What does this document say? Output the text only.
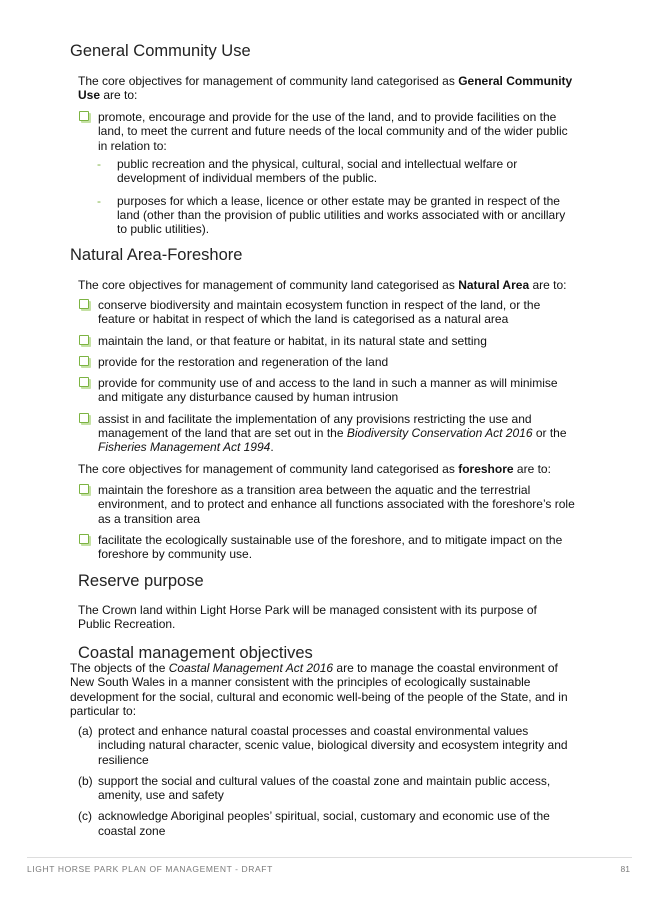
General Community Use

The core objectives for management of community land categorised as General Community Use are to:

promote, encourage and provide for the use of the land, and to provide facilities on the land, to meet the current and future needs of the local community and of the wider public in relation to:
- public recreation and the physical, cultural, social and intellectual welfare or development of individual members of the public.
- purposes for which a lease, licence or other estate may be granted in respect of the land (other than the provision of public utilities and works associated with or ancillary to public utilities).
Natural Area-Foreshore

The core objectives for management of community land categorised as Natural Area are to:

conserve biodiversity and maintain ecosystem function in respect of the land, or the feature or habitat in respect of which the land is categorised as a natural area
maintain the land, or that feature or habitat, in its natural state and setting
provide for the restoration and regeneration of the land
provide for community use of and access to the land in such a manner as will minimise and mitigate any disturbance caused by human intrusion
assist in and facilitate the implementation of any provisions restricting the use and management of the land that are set out in the Biodiversity Conservation Act 2016 or the Fisheries Management Act 1994.

The core objectives for management of community land categorised as foreshore are to:

maintain the foreshore as a transition area between the aquatic and the terrestrial environment, and to protect and enhance all functions associated with the foreshore’s role as a transition area
facilitate the ecologically sustainable use of the foreshore, and to mitigate impact on the foreshore by community use.
Reserve purpose

The Crown land within Light Horse Park will be managed consistent with its purpose of Public Recreation.

Coastal management objectives

The objects of the Coastal Management Act 2016 are to manage the coastal environment of New South Wales in a manner consistent with the principles of ecologically sustainable development for the social, cultural and economic well-being of the people of the State, and in particular to:

(a) protect and enhance natural coastal processes and coastal environmental values including natural character, scenic value, biological diversity and ecosystem integrity and resilience
(b) support the social and cultural values of the coastal zone and maintain public access, amenity, use and safety
(c) acknowledge Aboriginal peoples’ spiritual, social, customary and economic use of the coastal zone
LIGHT HORSE PARK PLAN OF MANAGEMENT - DRAFT	81
